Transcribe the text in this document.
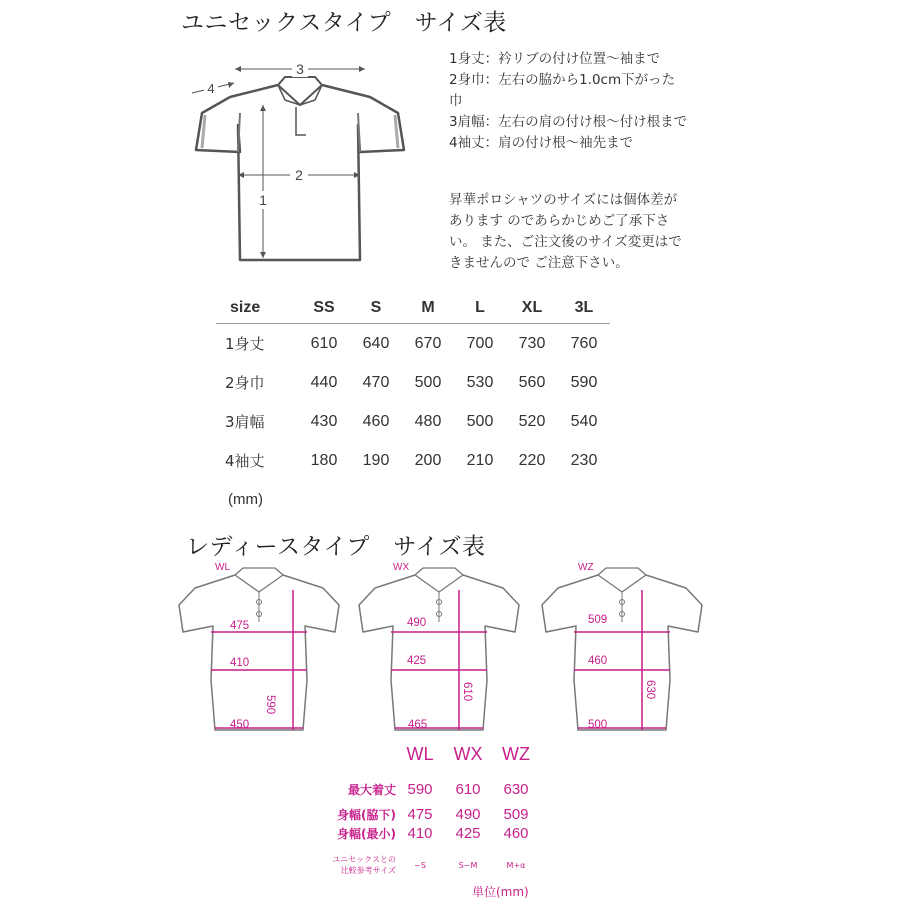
ユニセックスタイプ　サイズ表
3
4
2
1
1身丈：衿リブの付け位置～袖まで
2身巾：左右の脇から1.0cm下がった
巾
3肩幅：左右の肩の付け根～付け根まで
4袖丈：肩の付け根～袖先まで
昇華ポロシャツのサイズには個体差が
あります のであらかじめご了承下さ
い。 また、ご注文後のサイズ変更はで
きませんので ご注意下さい。
size	SS	S	M	L	XL	3L
1身丈	610	640	670	700	730	760
2身巾	440	470	500	530	560	590
3肩幅	430	460	480	500	520	540
4袖丈	180	190	200	210	220	230
(mm)
レディースタイプ　サイズ表
WL
475
410
450
590
WX
490
425
465
610
WZ
509
460
500
630
WL	WX	WZ
最大着丈 590	610	630
身幅(脇下) 475	490	509
身幅(最小) 410	425	460
ユニセックスとの
比較参考サイズ
~S	S~M	M+α
単位(mm)
